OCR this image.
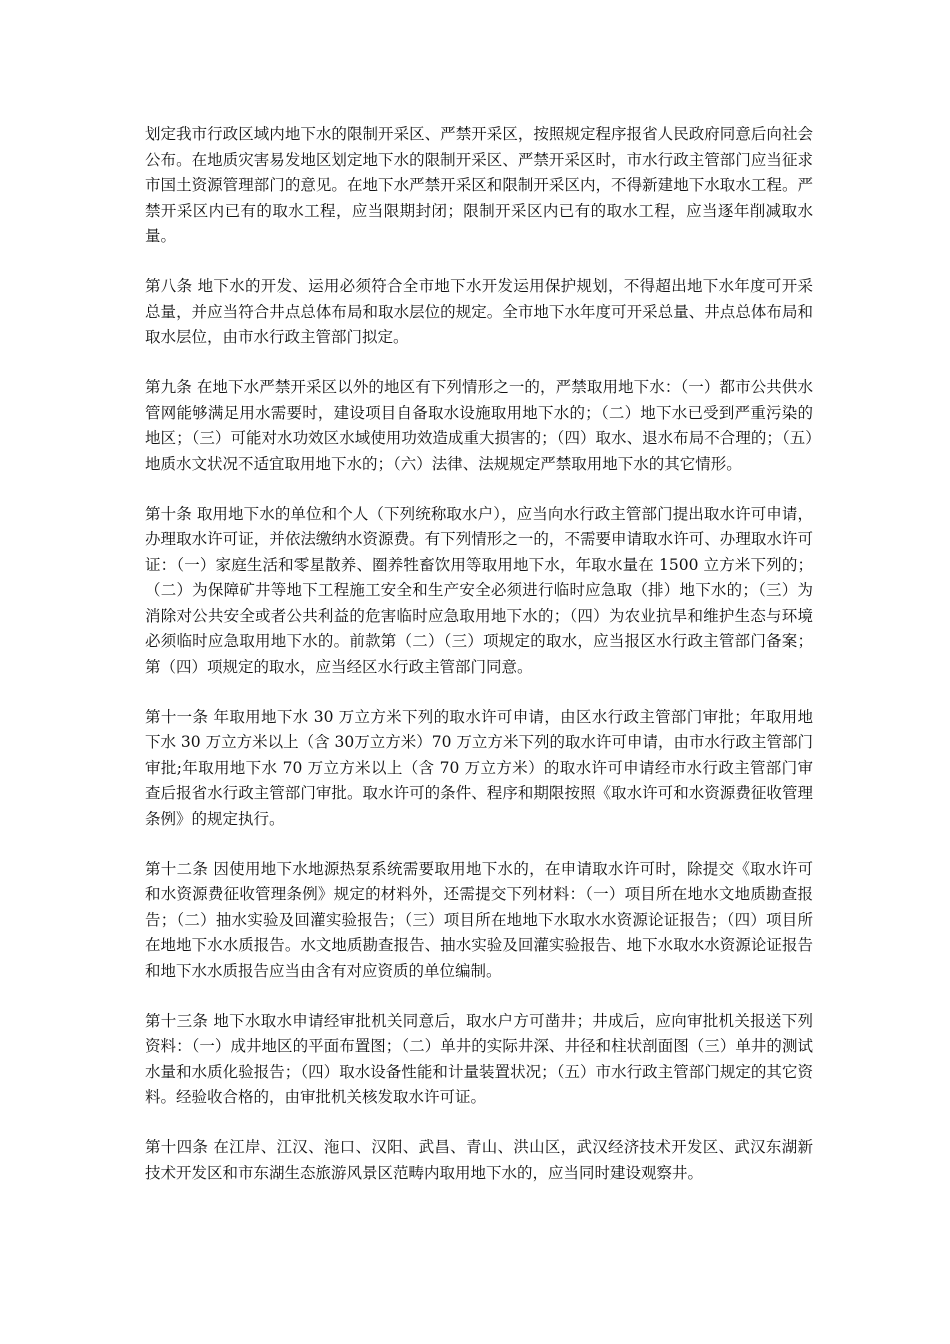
划定我市行政区域内地下水的限制开采区、严禁开采区，按照规定程序报省人民政府同意后向社会公布。在地质灾害易发地区划定地下水的限制开采区、严禁开采区时，市水行政主管部门应当征求市国土资源管理部门的意见。在地下水严禁开采区和限制开采区内，不得新建地下水取水工程。严禁开采区内已有的取水工程，应当限期封闭；限制开采区内已有的取水工程，应当逐年削减取水量。

第八条 地下水的开发、运用必须符合全市地下水开发运用保护规划，不得超出地下水年度可开采总量，并应当符合井点总体布局和取水层位的规定。全市地下水年度可开采总量、井点总体布局和取水层位，由市水行政主管部门拟定。

第九条 在地下水严禁开采区以外的地区有下列情形之一的，严禁取用地下水：（一）都市公共供水管网能够满足用水需要时，建设项目自备取水设施取用地下水的；（二）地下水已受到严重污染的地区；（三）可能对水功效区水域使用功效造成重大损害的；（四）取水、退水布局不合理的；（五）地质水文状况不适宜取用地下水的；（六）法律、法规规定严禁取用地下水的其它情形。

第十条 取用地下水的单位和个人（下列统称取水户），应当向水行政主管部门提出取水许可申请，办理取水许可证，并依法缴纳水资源费。有下列情形之一的，不需要申请取水许可、办理取水许可证：（一）家庭生活和零星散养、圈养牲畜饮用等取用地下水，年取水量在 1500 立方米下列的；（二）为保障矿井等地下工程施工安全和生产安全必须进行临时应急取（排）地下水的；（三）为消除对公共安全或者公共利益的危害临时应急取用地下水的；（四）为农业抗旱和维护生态与环境必须临时应急取用地下水的。前款第（二）（三）项规定的取水，应当报区水行政主管部门备案；第（四）项规定的取水，应当经区水行政主管部门同意。

第十一条 年取用地下水 30 万立方米下列的取水许可申请，由区水行政主管部门审批；年取用地下水 30 万立方米以上（含 30万立方米）70 万立方米下列的取水许可申请，由市水行政主管部门审批;年取用地下水 70 万立方米以上（含 70 万立方米）的取水许可申请经市水行政主管部门审查后报省水行政主管部门审批。取水许可的条件、程序和期限按照《取水许可和水资源费征收管理条例》的规定执行。

第十二条 因使用地下水地源热泵系统需要取用地下水的，在申请取水许可时，除提交《取水许可和水资源费征收管理条例》规定的材料外，还需提交下列材料：（一）项目所在地水文地质勘查报告；（二）抽水实验及回灌实验报告；（三）项目所在地地下水取水水资源论证报告；（四）项目所在地地下水水质报告。水文地质勘查报告、抽水实验及回灌实验报告、地下水取水水资源论证报告和地下水水质报告应当由含有对应资质的单位编制。

第十三条 地下水取水申请经审批机关同意后，取水户方可凿井；井成后，应向审批机关报送下列资料：（一）成井地区的平面布置图；（二）单井的实际井深、井径和柱状剖面图（三）单井的测试水量和水质化验报告；（四）取水设备性能和计量装置状况；（五）市水行政主管部门规定的其它资料。经验收合格的，由审批机关核发取水许可证。

第十四条 在江岸、江汉、沲口、汉阳、武昌、青山、洪山区，武汉经济技术开发区、武汉东湖新技术开发区和市东湖生态旅游风景区范畴内取用地下水的，应当同时建设观察井。
